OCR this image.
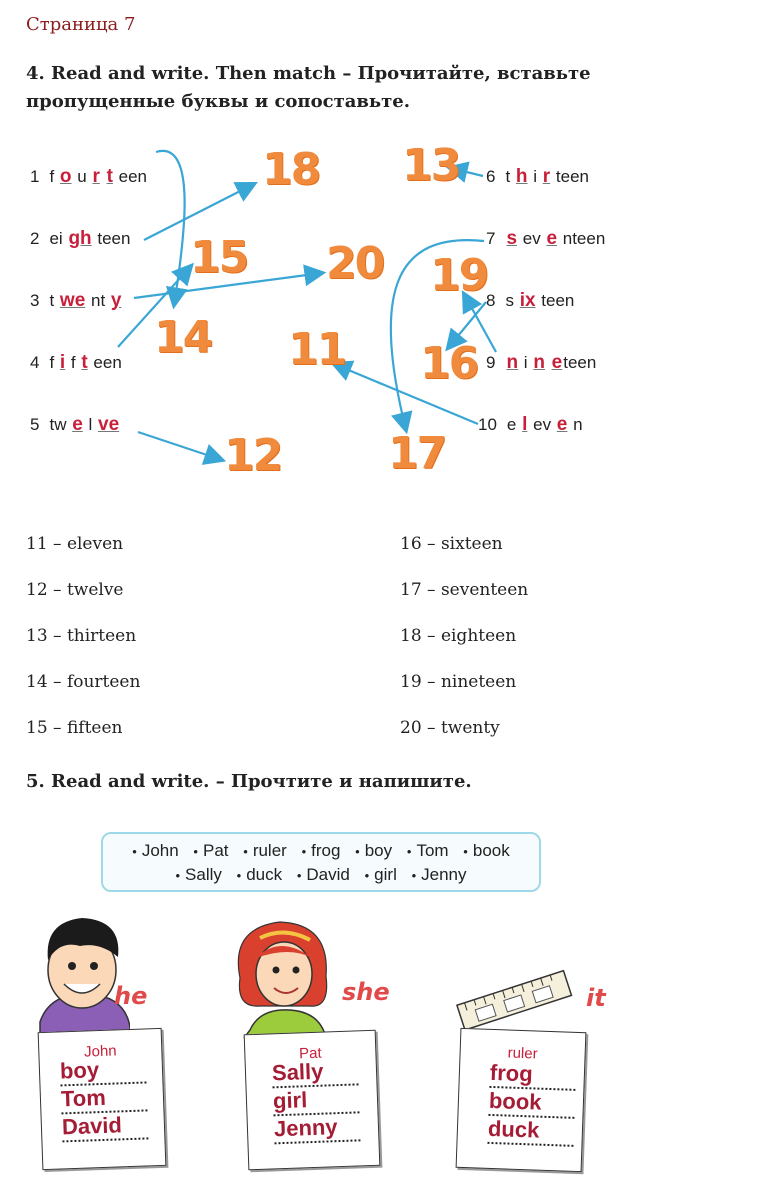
Страница 7
4. Read and write. Then match – Прочитайте, вставьте пропущенные буквы и сопоставьте.
1 f o u r t een
2 ei gh teen
3 t we nt y
4 f i f t een
5 tw e l ve
6 t h i r teen
7 s ev e nteen
8 s ix teen
9 n i n eteen
10 e l ev e n
18
15 20
14 11
12
13
19
16
17
11 – eleven
12 – twelve
13 – thirteen
14 – fourteen
15 – fifteen
16 – sixteen
17 – seventeen
18 – eighteen
19 – nineteen
20 – twenty
5. Read and write. – Прочтите и напишите.
• John • Pat • ruler • frog • boy • Tom • book
• Sally • duck • David • girl • Jenny
he	she	it
John
boy
Tom
David
Pat
Sally
girl
Jenny
ruler
frog
book
duck
